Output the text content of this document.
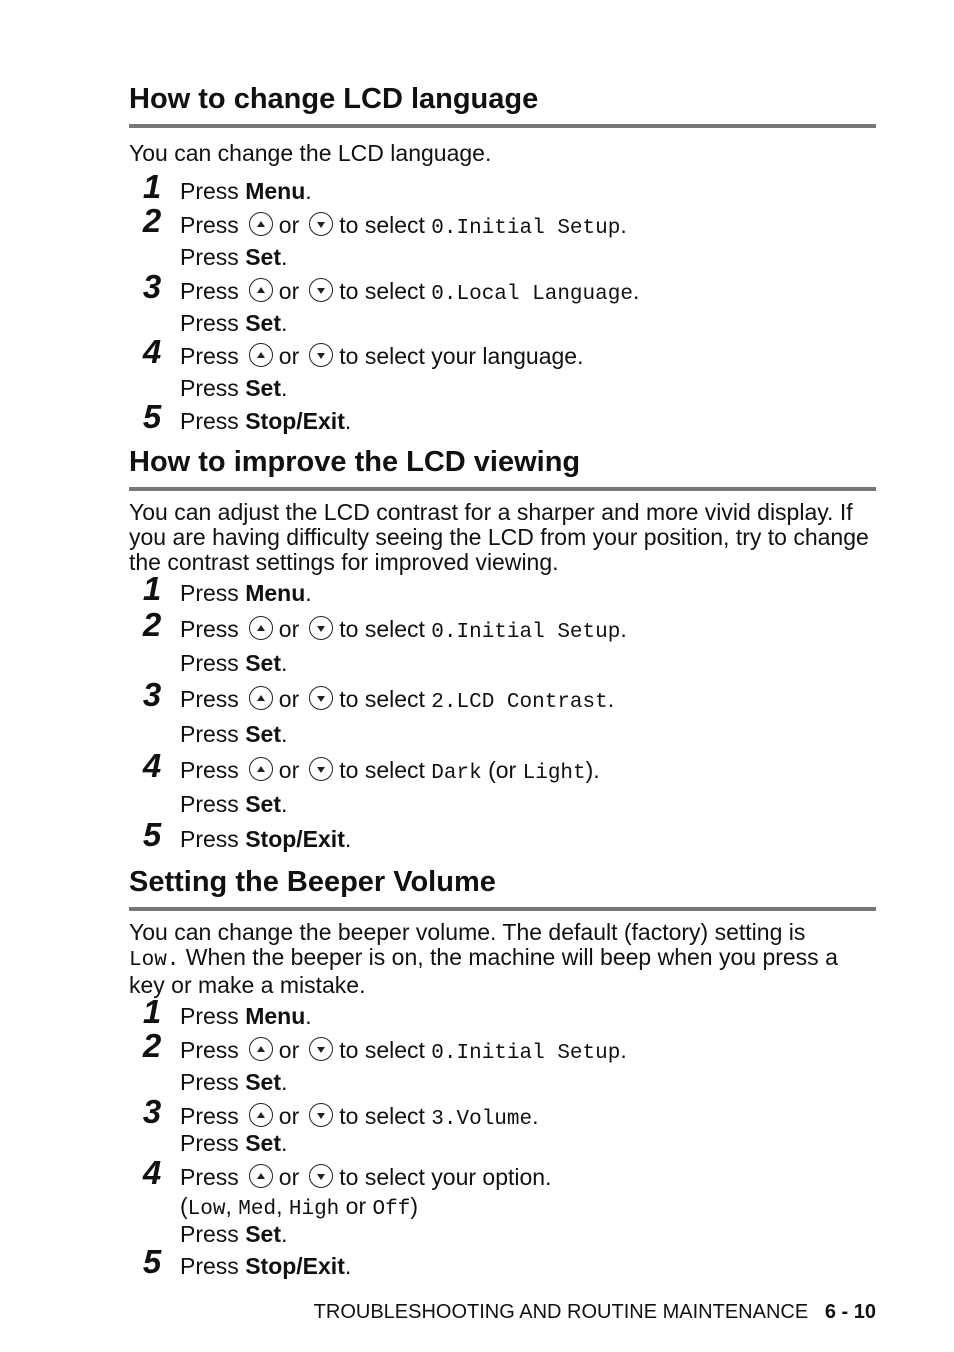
How to change LCD language
You can change the LCD language.
1 Press Menu.
2 Press or to select 0.Initial Setup.
Press Set.
3 Press or to select 0.Local Language.
Press Set.
4 Press or to select your language.
Press Set.
5 Press Stop/Exit.
How to improve the LCD viewing
You can adjust the LCD contrast for a sharper and more vivid display. If you are having difficulty seeing the LCD from your position, try to change the contrast settings for improved viewing.
1 Press Menu.
2 Press or to select 0.Initial Setup.
Press Set.
3 Press or to select 2.LCD Contrast.
Press Set.
4 Press or to select Dark (or Light).
Press Set.
5 Press Stop/Exit.
Setting the Beeper Volume
You can change the beeper volume. The default (factory) setting is
Low. When the beeper is on, the machine will beep when you press a key or make a mistake.
1 Press Menu.
2 Press or to select 0.Initial Setup.
Press Set.
3 Press or to select 3.Volume.
Press Set.
4 Press or to select your option.
(Low, Med, High or Off)
Press Set.
5 Press Stop/Exit.
TROUBLESHOOTING AND ROUTINE MAINTENANCE 6 - 10
